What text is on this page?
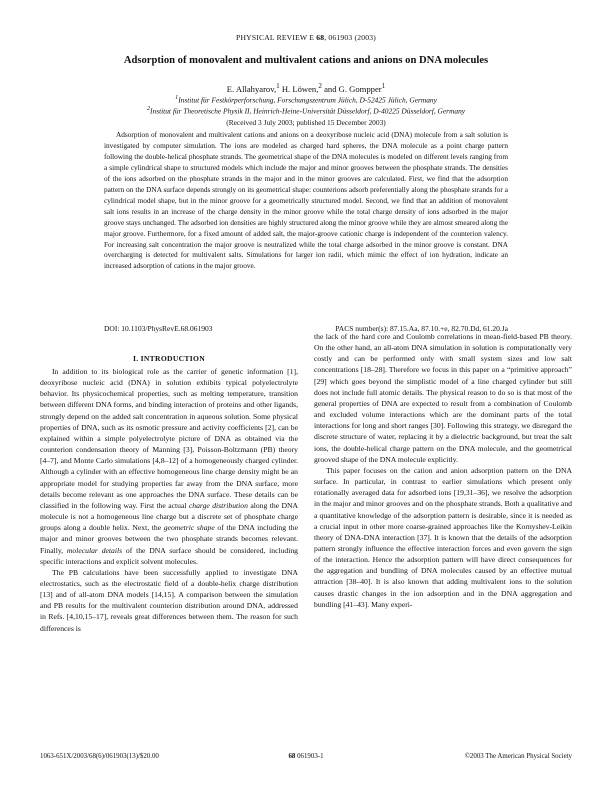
PHYSICAL REVIEW E 68, 061903 (2003)
Adsorption of monovalent and multivalent cations and anions on DNA molecules
E. Allahyarov,$^1$ H. Löwen,$^2$ and G. Gompper$^1$
$^1$Institut für Festkörperforschung, Forschungszentrum Jülich, D-52425 Jülich, Germany
$^2$Institut für Theoretische Physik II, Heinrich-Heine-Universität Düsseldorf, D-40225 Düsseldorf, Germany
(Received 3 July 2003; published 15 December 2003)

Adsorption of monovalent and multivalent cations and anions on a deoxyribose nucleic acid (DNA) molecule from a salt solution is investigated by computer simulation. The ions are modeled as charged hard spheres, the DNA molecule as a point charge pattern following the double-helical phosphate strands. The geometrical shape of the DNA molecules is modeled on different levels ranging from a simple cylindrical shape to structured models which include the major and minor grooves between the phosphate strands. The densities of the ions adsorbed on the phosphate strands in the major and in the minor grooves are calculated. First, we find that the adsorption pattern on the DNA surface depends strongly on its geometrical shape: counterions adsorb preferentially along the phosphate strands for a cylindrical model shape, but in the minor groove for a geometrically structured model. Second, we find that an addition of monovalent salt ions results in an increase of the charge density in the minor groove while the total charge density of ions adsorbed in the major groove stays unchanged. The adsorbed ion densities are highly structured along the minor groove while they are almost smeared along the major groove. Furthermore, for a fixed amount of added salt, the major-groove cationic charge is independent of the counterion valency. For increasing salt concentration the major groove is neutralized while the total charge adsorbed in the minor groove is constant. DNA overcharging is detected for multivalent salts. Simulations for larger ion radii, which mimic the effect of ion hydration, indicate an increased adsorption of cations in the major groove.

DOI: 10.1103/PhysRevE.68.061903	PACS number(s): 87.15.Aa, 87.10.+e, 82.70.Dd, 61.20.Ja
I. INTRODUCTION

In addition to its biological role as the carrier of genetic information [1], deoxyribose nucleic acid (DNA) in solution exhibits typical polyelectrolyte behavior. Its physicochemical properties, such as melting temperature, transition between different DNA forms, and binding interaction of proteins and other ligands, strongly depend on the added salt concentration in aqueous solution. Some physical properties of DNA, such as its osmotic pressure and activity coefficients [2], can be explained within a simple polyelectrolyte picture of DNA as obtained via the counterion condensation theory of Manning [3], Poisson-Boltzmann (PB) theory [4–7], and Monte Carlo simulations [4,8–12] of a homogeneously charged cylinder. Although a cylinder with an effective homogeneous line charge density might be an appropriate model for studying properties far away from the DNA surface, more details become relevant as one approaches the DNA surface. These details can be classified in the following way. First the actual charge distribution along the DNA molecule is not a homogeneous line charge but a discrete set of phosphate charge groups along a double helix. Next, the geometric shape of the DNA including the major and minor grooves between the two phosphate strands becomes relevant. Finally, molecular details of the DNA surface should be considered, including specific interactions and explicit solvent molecules.

The PB calculations have been successfully applied to investigate DNA electrostatics, such as the electrostatic field of a double-helix charge distribution [13] and of all-atom DNA models [14,15]. A comparison between the simulation and PB results for the multivalent counterion distribution around DNA, addressed in Refs. [4,10,15–17], reveals great differences between them. The reason for such differences is

the lack of the hard core and Coulomb correlations in mean-field-based PB theory. On the other hand, an all-atom DNA simulation in solution is computationally very costly and can be performed only with small system sizes and low salt concentrations [18–28]. Therefore we focus in this paper on a “primitive approach” [29] which goes beyond the simplistic model of a line charged cylinder but still does not include full atomic details. The physical reason to do so is that most of the general properties of DNA are expected to result from a combination of Coulomb and excluded volume interactions which are the dominant parts of the total interactions for long and short ranges [30]. Following this strategy, we disregard the discrete structure of water, replacing it by a dielectric background, but treat the salt ions, the double-helical charge pattern on the DNA molecule, and the geometrical grooved shape of the DNA molecule explicitly.

This paper focuses on the cation and anion adsorption pattern on the DNA surface. In particular, in contrast to earlier simulations which present only rotationally averaged data for adsorbed ions [19,31–36], we resolve the adsorption in the major and minor grooves and on the phosphate strands. Both a qualitative and a quantitative knowledge of the adsorption pattern is desirable, since it is needed as a crucial input in other more coarse-grained approaches like the Kornyshev-Leikin theory of DNA-DNA interaction [37]. It is known that the details of the adsorption pattern strongly influence the effective interaction forces and even govern the sign of the interaction. Hence the adsorption pattern will have direct consequences for the aggregation and bundling of DNA molecules caused by an effective mutual attraction [38–40]. It is also known that adding multivalent ions to the solution causes drastic changes in the ion adsorption and in the DNA aggregation and bundling [41–43]. Many experi-

1063-651X/2003/68(6)/061903(13)/$20.00	68 061903-1	©2003 The American Physical Society
